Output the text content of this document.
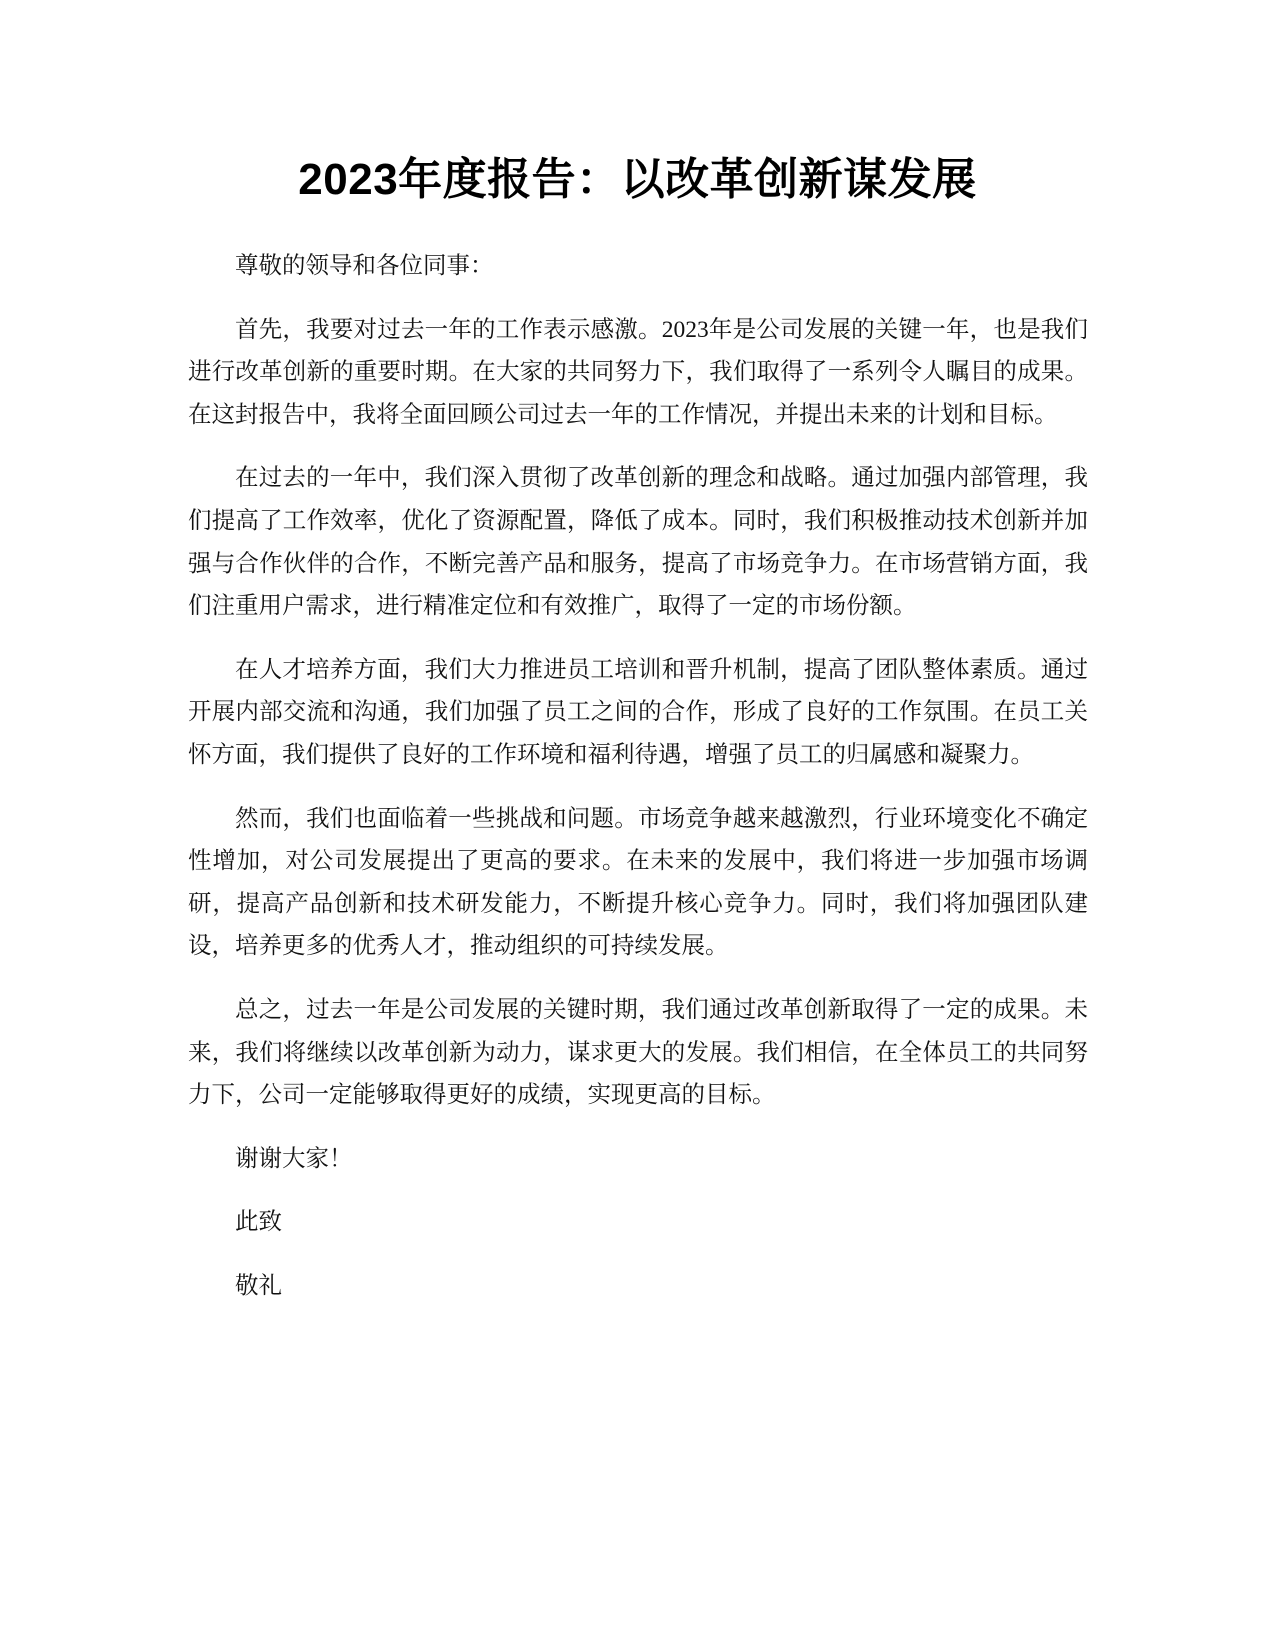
2023年度报告：以改革创新谋发展

尊敬的领导和各位同事：

首先，我要对过去一年的工作表示感激。2023年是公司发展的关键一年，也是我们进行改革创新的重要时期。在大家的共同努力下，我们取得了一系列令人瞩目的成果。在这封报告中，我将全面回顾公司过去一年的工作情况，并提出未来的计划和目标。

在过去的一年中，我们深入贯彻了改革创新的理念和战略。通过加强内部管理，我们提高了工作效率，优化了资源配置，降低了成本。同时，我们积极推动技术创新并加强与合作伙伴的合作，不断完善产品和服务，提高了市场竞争力。在市场营销方面，我们注重用户需求，进行精准定位和有效推广，取得了一定的市场份额。

在人才培养方面，我们大力推进员工培训和晋升机制，提高了团队整体素质。通过开展内部交流和沟通，我们加强了员工之间的合作，形成了良好的工作氛围。在员工关怀方面，我们提供了良好的工作环境和福利待遇，增强了员工的归属感和凝聚力。

然而，我们也面临着一些挑战和问题。市场竞争越来越激烈，行业环境变化不确定性增加，对公司发展提出了更高的要求。在未来的发展中，我们将进一步加强市场调研，提高产品创新和技术研发能力，不断提升核心竞争力。同时，我们将加强团队建设，培养更多的优秀人才，推动组织的可持续发展。

总之，过去一年是公司发展的关键时期，我们通过改革创新取得了一定的成果。未来，我们将继续以改革创新为动力，谋求更大的发展。我们相信，在全体员工的共同努力下，公司一定能够取得更好的成绩，实现更高的目标。

谢谢大家！

此致

敬礼
